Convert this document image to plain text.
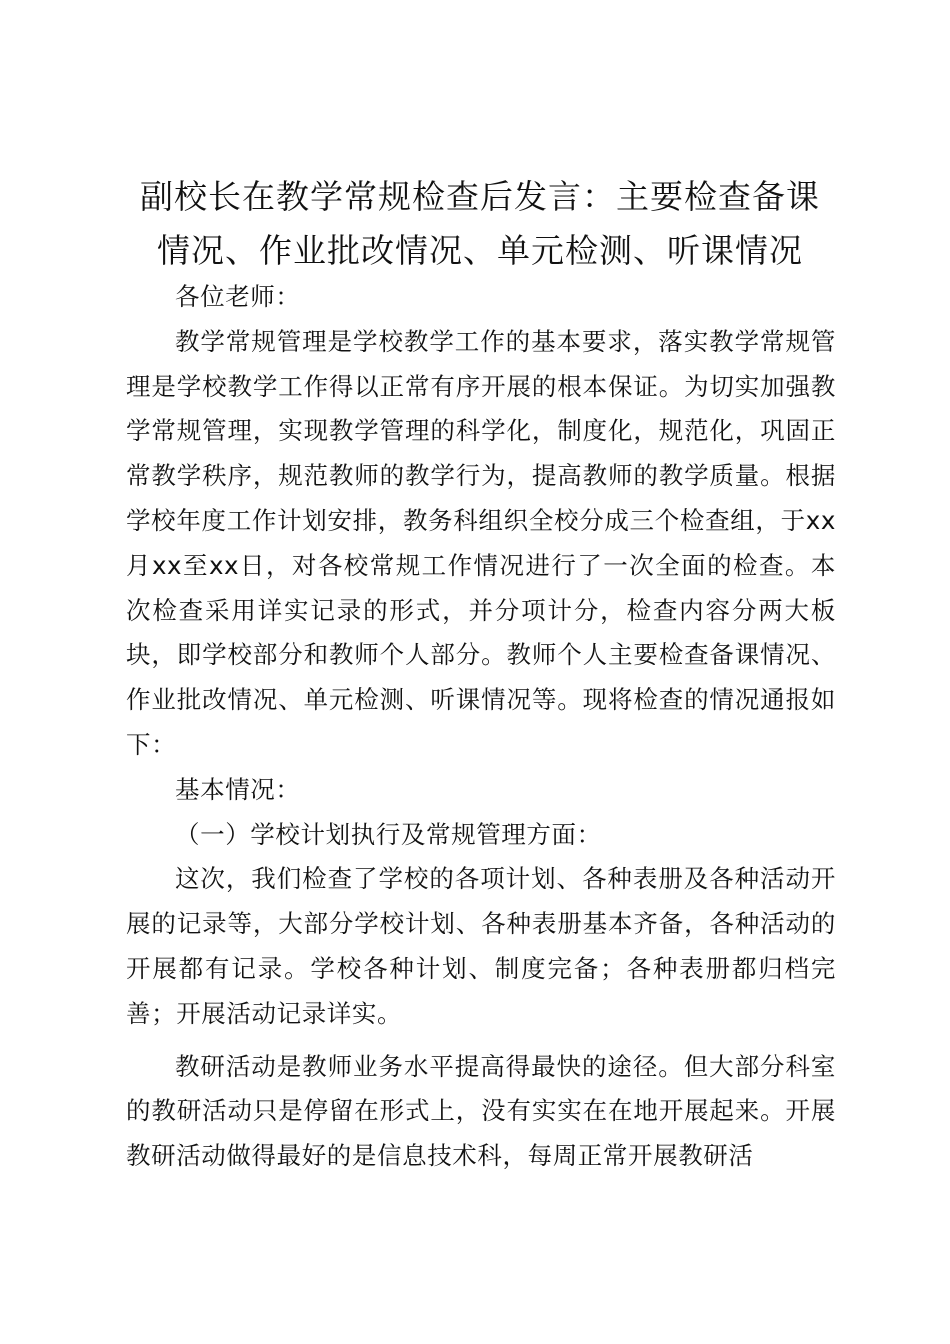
副校长在教学常规检查后发言：主要检查备课
情况、作业批改情况、单元检测、听课情况

各位老师：

教学常规管理是学校教学工作的基本要求，落实教学常规管理是学校教学工作得以正常有序开展的根本保证。为切实加强教学常规管理，实现教学管理的科学化，制度化，规范化，巩固正常教学秩序，规范教师的教学行为，提高教师的教学质量。根据学校年度工作计划安排，教务科组织全校分成三个检查组，于xx月xx至xx日，对各校常规工作情况进行了一次全面的检查。本次检查采用详实记录的形式，并分项计分，检查内容分两大板块，即学校部分和教师个人部分。教师个人主要检查备课情况、作业批改情况、单元检测、听课情况等。现将检查的情况通报如下：

基本情况：

（一）学校计划执行及常规管理方面：

这次，我们检查了学校的各项计划、各种表册及各种活动开展的记录等，大部分学校计划、各种表册基本齐备，各种活动的开展都有记录。学校各种计划、制度完备；各种表册都归档完善；开展活动记录详实。

教研活动是教师业务水平提高得最快的途径。但大部分科室的教研活动只是停留在形式上，没有实实在在地开展起来。开展教研活动做得最好的是信息技术科，每周正常开展教研活
